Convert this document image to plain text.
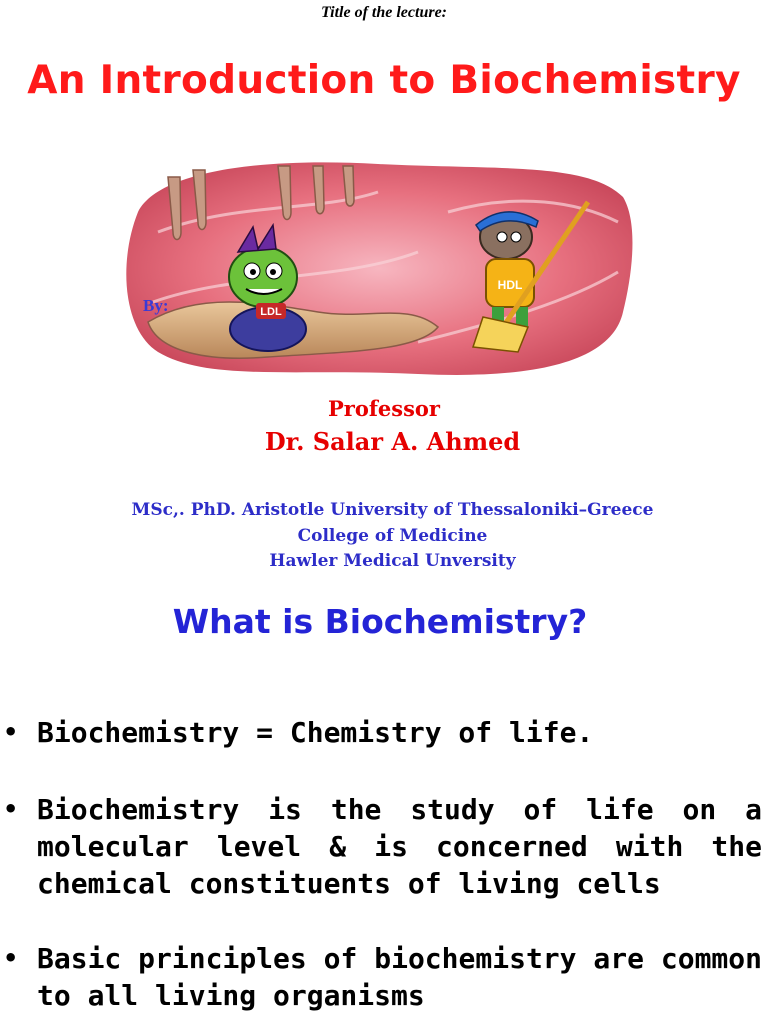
Title of the lecture:
An Introduction to Biochemistry
LDL
HDL
By:
Professor
Dr. Salar A. Ahmed
MSc,. PhD. Aristotle University of Thessaloniki–Greece
College of Medicine
Hawler Medical Unversity
What is Biochemistry?
• Biochemistry = Chemistry of life.
• Biochemistry is the study of life on a molecular level & is concerned with the chemical constituents of living cells
• Basic principles of biochemistry are common to all living organisms
